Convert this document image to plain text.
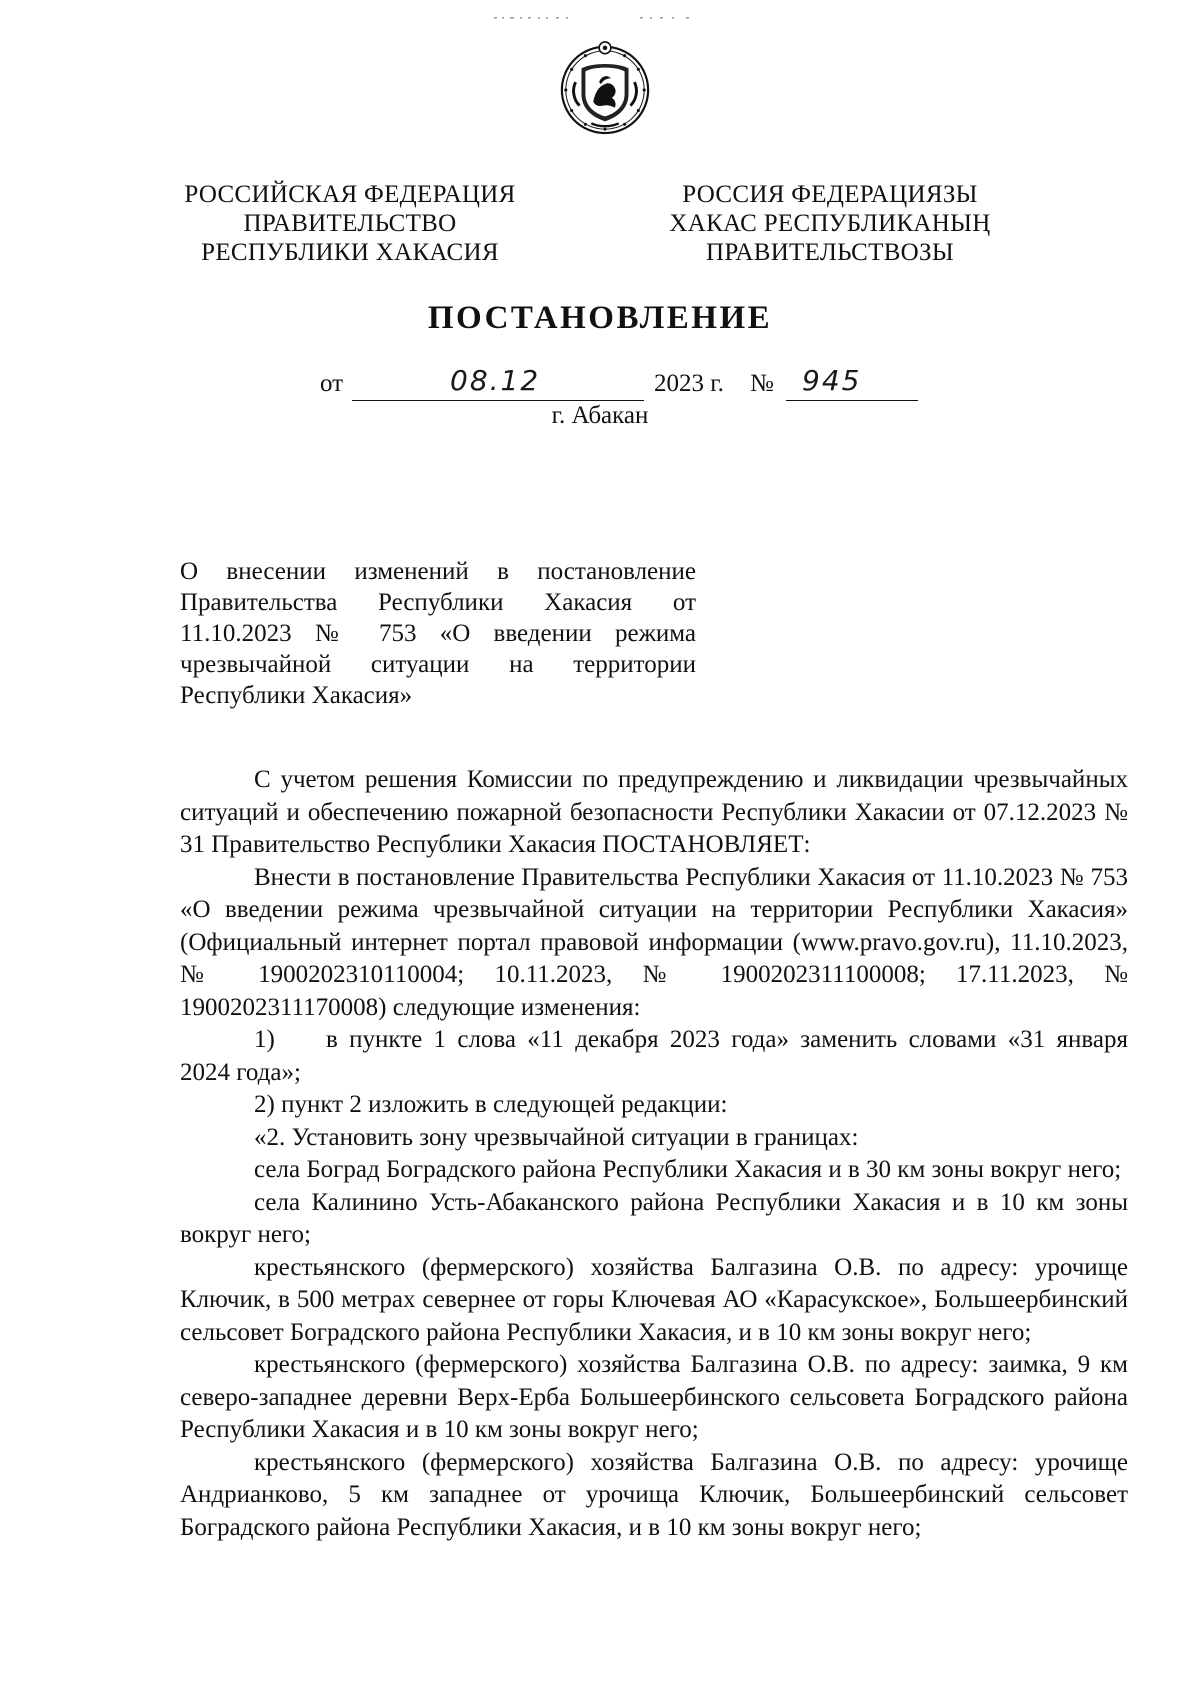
РОССИЙСКАЯ ФЕДЕРАЦИЯ
ПРАВИТЕЛЬСТВО
РЕСПУБЛИКИ ХАКАСИЯ
РОССИЯ ФЕДЕРАЦИЯЗЫ
ХАКАС РЕСПУБЛИКАНЫҢ
ПРАВИТЕЛЬСТВОЗЫ
ПОСТАНОВЛЕНИЕ
от	08.12	2023 г. № 945
г. Абакан
О внесении изменений в постановление Правительства Республики Хакасия от 11.10.2023 № 753 «О введении режима чрезвычайной ситуации на территории Республики Хакасия»

С учетом решения Комиссии по предупреждению и ликвидации чрезвычайных ситуаций и обеспечению пожарной безопасности Республики Хакасии от 07.12.2023 № 31 Правительство Республики Хакасия ПОСТАНОВЛЯЕТ:

Внести в постановление Правительства Республики Хакасия от 11.10.2023 № 753 «О введении режима чрезвычайной ситуации на территории Республики Хакасия» (Официальный интернет портал правовой информации (www.pravo.gov.ru), 11.10.2023, № 1900202310110004; 10.11.2023, № 1900202311100008; 17.11.2023, № 1900202311170008) следующие изменения:

1) в пункте 1 слова «11 декабря 2023 года» заменить словами «31 января 2024 года»;

2) пункт 2 изложить в следующей редакции:

«2. Установить зону чрезвычайной ситуации в границах:

села Боград Боградского района Республики Хакасия и в 30 км зоны вокруг него;

села Калинино Усть-Абаканского района Республики Хакасия и в 10 км зоны вокруг него;

крестьянского (фермерского) хозяйства Балгазина О.В. по адресу: урочище Ключик, в 500 метрах севернее от горы Ключевая АО «Карасукское», Большеербинский сельсовет Боградского района Республики Хакасия, и в 10 км зоны вокруг него;

крестьянского (фермерского) хозяйства Балгазина О.В. по адресу: заимка, 9 км северо-западнее деревни Верх-Ерба Большеербинского сельсовета Боградского района Республики Хакасия и в 10 км зоны вокруг него;

крестьянского (фермерского) хозяйства Балгазина О.В. по адресу: урочище Андрианково, 5 км западнее от урочища Ключик, Большеербинский сельсовет Боградского района Республики Хакасия, и в 10 км зоны вокруг него;
